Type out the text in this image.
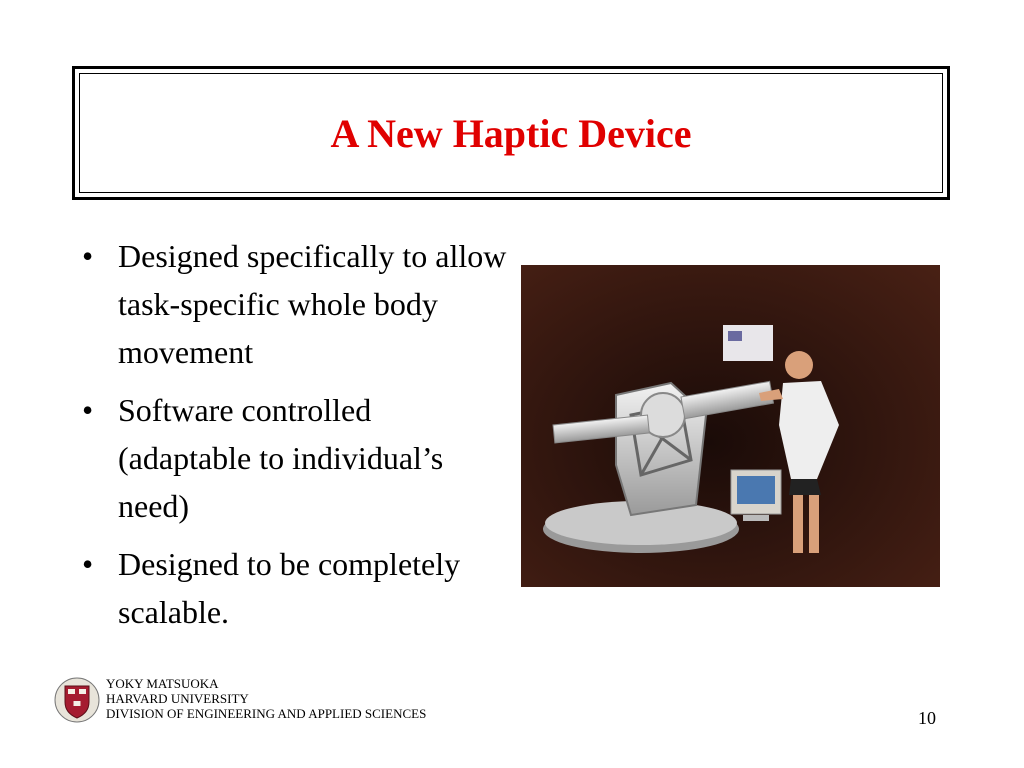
A New Haptic Device
• Designed specifically to allow task-specific whole body movement
• Software controlled (adaptable to individual’s need)
• Designed to be completely scalable.
YOKY MATSUOKA
HARVARD UNIVERSITY
DIVISION OF ENGINEERING AND APPLIED SCIENCES	10
